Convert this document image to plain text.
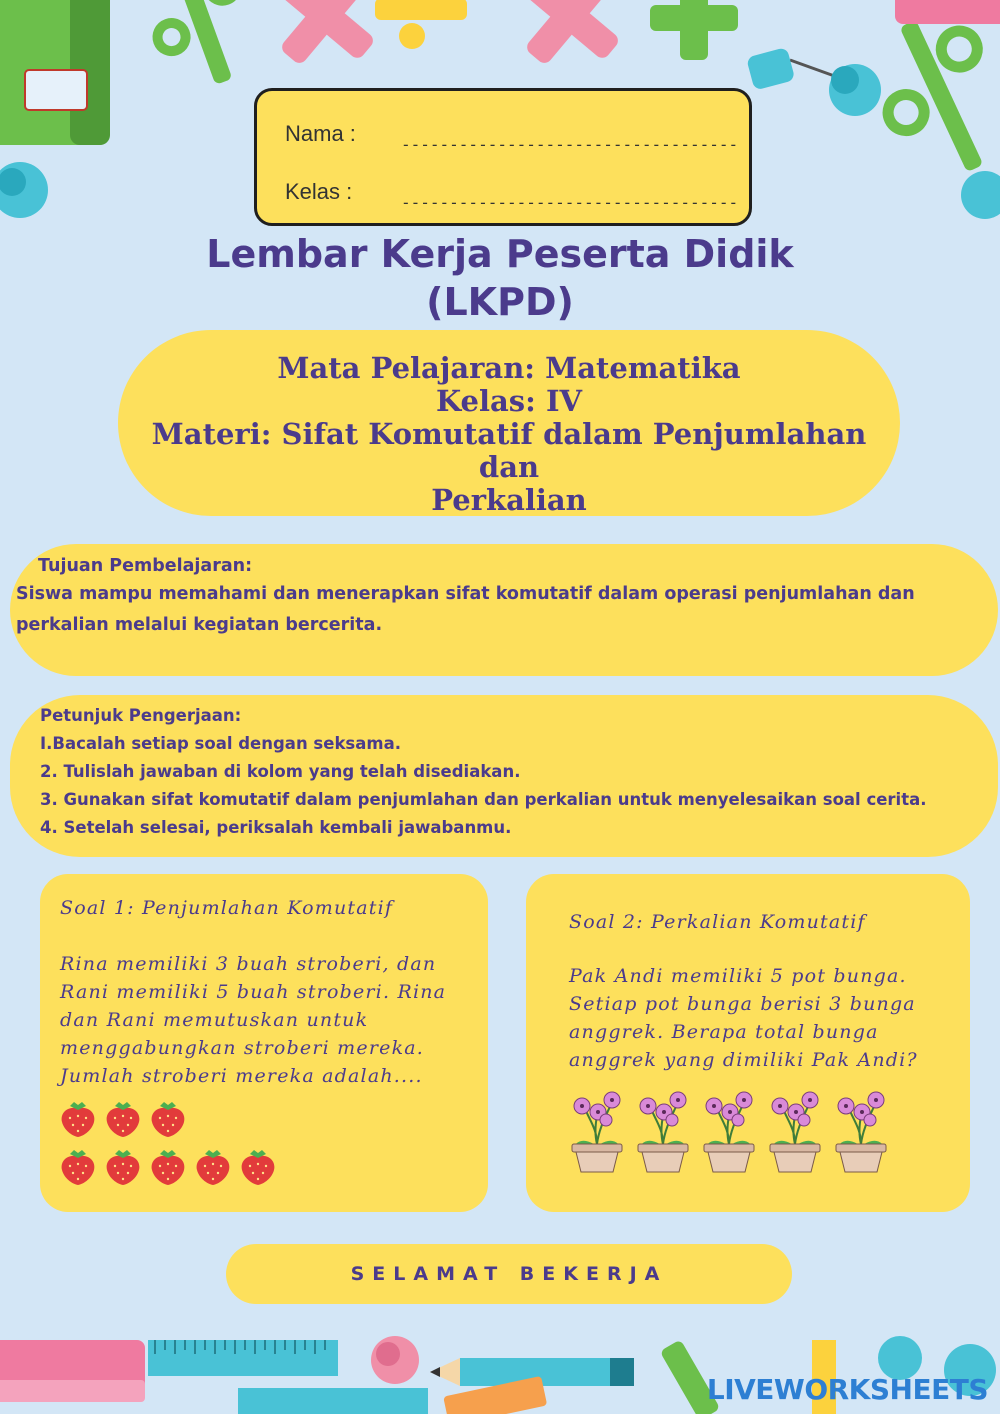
Nama :	-----------------------------------
Kelas :	-----------------------------------
Lembar Kerja Peserta Didik
(LKPD)
Mata Pelajaran: Matematika
Kelas: IV
Materi: Sifat Komutatif dalam Penjumlahan dan
Perkalian
Tujuan Pembelajaran:
Siswa mampu memahami dan menerapkan sifat komutatif dalam operasi penjumlahan dan
perkalian melalui kegiatan bercerita.
Petunjuk Pengerjaan:
I.Bacalah setiap soal dengan seksama.
2. Tulislah jawaban di kolom yang telah disediakan.
3. Gunakan sifat komutatif dalam penjumlahan dan perkalian untuk menyelesaikan soal cerita.
4. Setelah selesai, periksalah kembali jawabanmu.
Soal 1: Penjumlahan Komutatif
Rina memiliki 3 buah stroberi, dan
Rani memiliki 5 buah stroberi. Rina
dan Rani memutuskan untuk
menggabungkan stroberi mereka.
Jumlah stroberi mereka adalah....
Soal 2: Perkalian Komutatif
Pak Andi memiliki 5 pot bunga.
Setiap pot bunga berisi 3 bunga
anggrek. Berapa total bunga
anggrek yang dimiliki Pak Andi?
SELAMAT BEKERJA
LIVEWORKSHEETS
